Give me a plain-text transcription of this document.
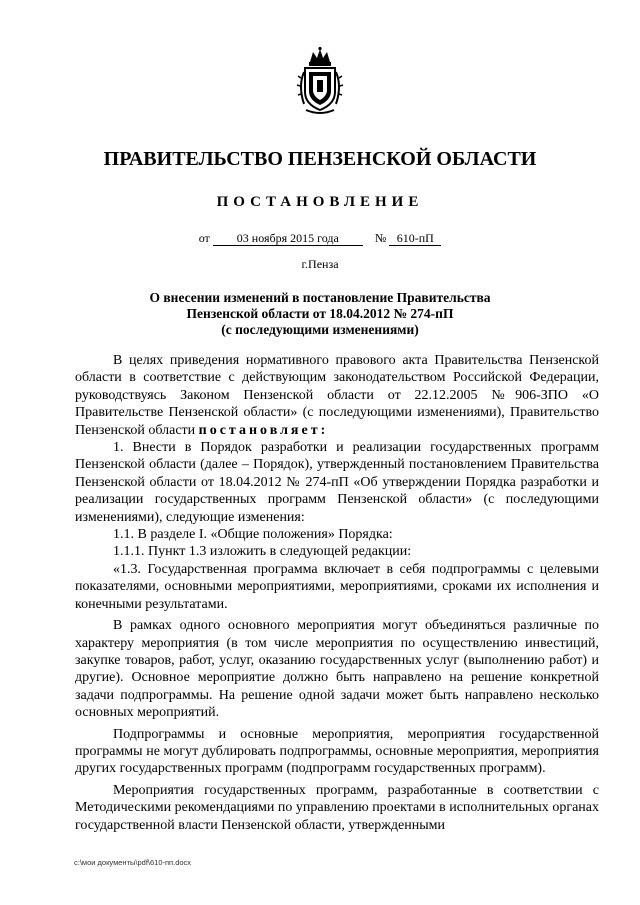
ПРАВИТЕЛЬСТВО ПЕНЗЕНСКОЙ ОБЛАСТИ
ПОСТАНОВЛЕНИЕ
от 03 ноября 2015 года	№ 610-пП
г.Пенза
О внесении изменений в постановление Правительства
Пензенской области от 18.04.2012 № 274-пП
(с последующими изменениями)

В целях приведения нормативного правового акта Правительства Пензенской области в соответствие с действующим законодательством Российской Федерации, руководствуясь Законом Пензенской области от 22.12.2005 №906-ЗПО «О Правительстве Пензенской области» (с последующими изменениями), Правительство Пензенской области постановляет:

1. Внести в Порядок разработки и реализации государственных программ Пензенской области (далее – Порядок), утвержденный постановлением Правительства Пензенской области от 18.04.2012 № 274-пП «Об утверждении Порядка разработки и реализации государственных программ Пензенской области» (с последующими изменениями), следующие изменения:

1.1. В разделе I. «Общие положения» Порядка:

1.1.1. Пункт 1.3 изложить в следующей редакции:

«1.3. Государственная программа включает в себя подпрограммы с целевыми показателями, основными мероприятиями, мероприятиями, сроками их исполнения и конечными результатами.

В рамках одного основного мероприятия могут объединяться различные по характеру мероприятия (в том числе мероприятия по осуществлению инвестиций, закупке товаров, работ, услуг, оказанию государственных услуг (выполнению работ) и другие). Основное мероприятие должно быть направлено на решение конкретной задачи подпрограммы. На решение одной задачи может быть направлено несколько основных мероприятий.

Подпрограммы и основные мероприятия, мероприятия государственной программы не могут дублировать подпрограммы, основные мероприятия, мероприятия других государственных программ (подпрограмм государственных программ).

Мероприятия государственных программ, разработанные в соответствии с Методическими рекомендациями по управлению проектами в исполнительных органах государственной власти Пензенской области, утвержденными

c:\мои документы\pdf\610-пп.docx
